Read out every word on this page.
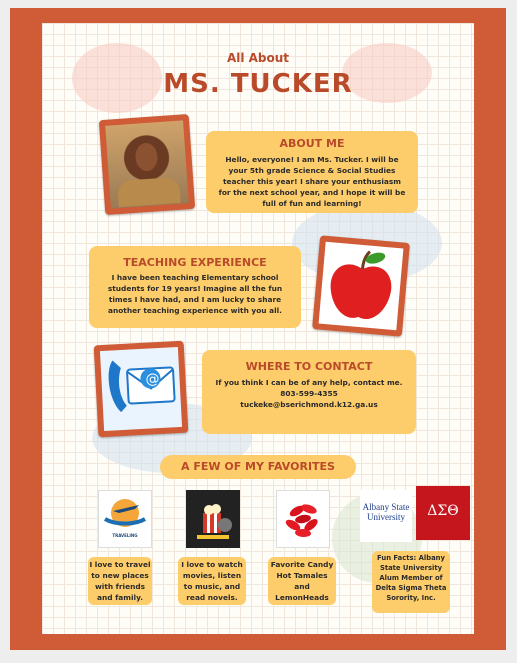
All About
MS. TUCKER
ABOUT ME

Hello, everyone! I am Ms. Tucker. I will be your 5th grade Science & Social Studies teacher this year! I share your enthusiasm for the next school year, and I hope it will be full of fun and learning!

TEACHING EXPERIENCE

I have been teaching Elementary school students for 19 years! Imagine all the fun times I have had, and I am lucky to share another teaching experience with you all.

@
WHERE TO CONTACT

If you think I can be of any help, contact me.

803-599-4355

tuckeke@bserichmond.k12.ga.us

A FEW OF MY FAVORITES
TRAVELING
Albany State University	ΔΣΘ
I love to travel to new places with friends and family.
I love to watch movies, listen to music, and read novels.
Favorite Candy Hot Tamales and LemonHeads
Fun Facts: Albany State University Alum Member of Delta Sigma Theta Sorority, Inc.
